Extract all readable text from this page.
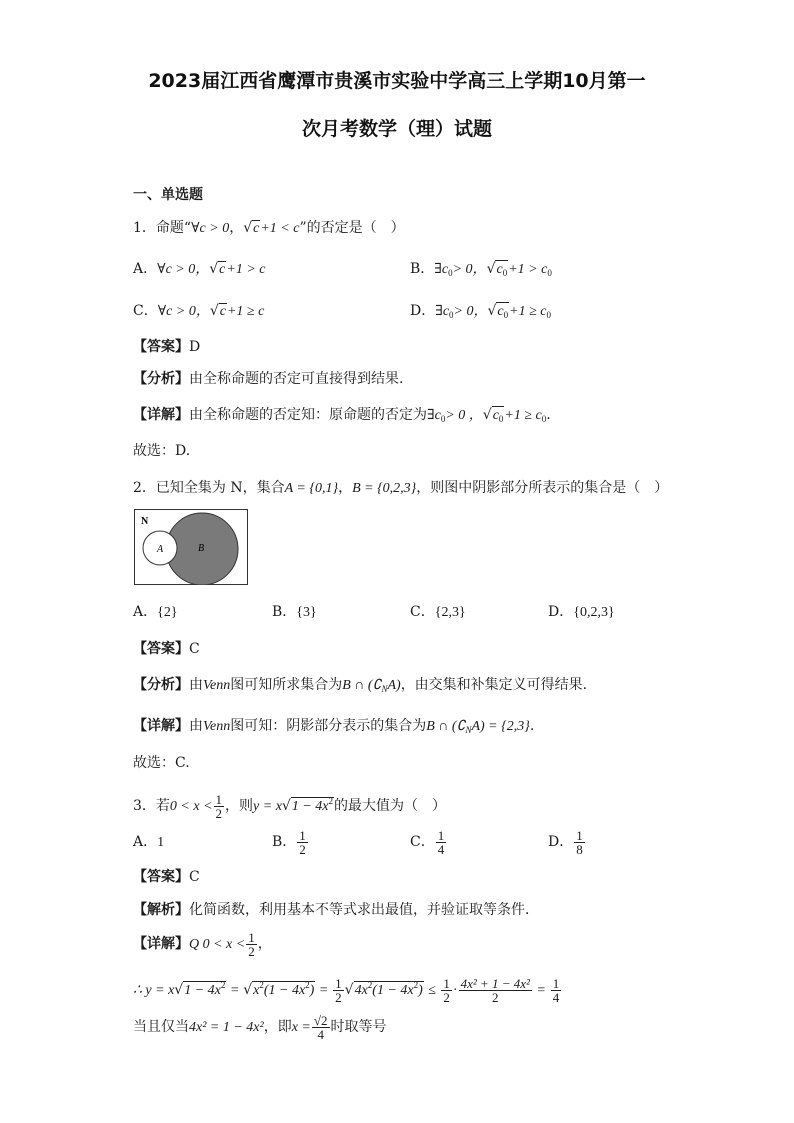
2023届江西省鹰潭市贵溪市实验中学高三上学期10月第一
次月考数学（理）试题
一、单选题
1．命题“∀c > 0，√c+1 < c”的否定是（　）
A．∀c > 0，√c+1 > c	B．$\exists c_0> 0$，$√c_0+1 > c_0$
C．∀c > 0，√c+1 ≥ c	D．$\exists c_0> 0$，$√c_0+1 \ge c_0$
【答案】D
【分析】由全称命题的否定可直接得到结果.
【详解】由全称命题的否定知：原命题的否定为$\exists c_0> 0$ ，$√c_0+1 \ge c_0$.
故选：D.
2．已知全集为 N，集合A = {0,1}，B = {0,2,3}，则图中阴影部分所表示的集合是（　）
N
A	B
A．{2}	B．{3}	C．{2,3}	D．{0,2,3}
【答案】C
【分析】由Venn图可知所求集合为B ∩ $(∁_NA)$，由交集和补集定义可得结果.
【详解】由Venn图可知：阴影部分表示的集合为B ∩ $(∁_NA) = \{2,3\}$.
故选：C.
3．若$0 < x < \frac{1}{2}$ ，则$y = x√1 - 4x^2$的最大值为（　）
A．1	B． $\frac{1}{2}$	C． $\frac{1}{4}$	D． $\frac{1}{8}$
【答案】C
【解析】化简函数，利用基本不等式求出最值，并验证取等条件．
【详解】Q $0 < x < \frac{1}{2}$ ，
∴ $y = x√1 - 4x^2 = √x^2(1 - 4x^2) = \frac{1}{2} √4x^2(1 - 4x^2) \le \frac{1}{2} \cdot \frac{\text{4x² + 1 − 4x²}}{2} = \frac{1}{4}$
当且仅当4x² = 1 − 4x²，即$x = \frac{√2}{4}$ 时取等号
